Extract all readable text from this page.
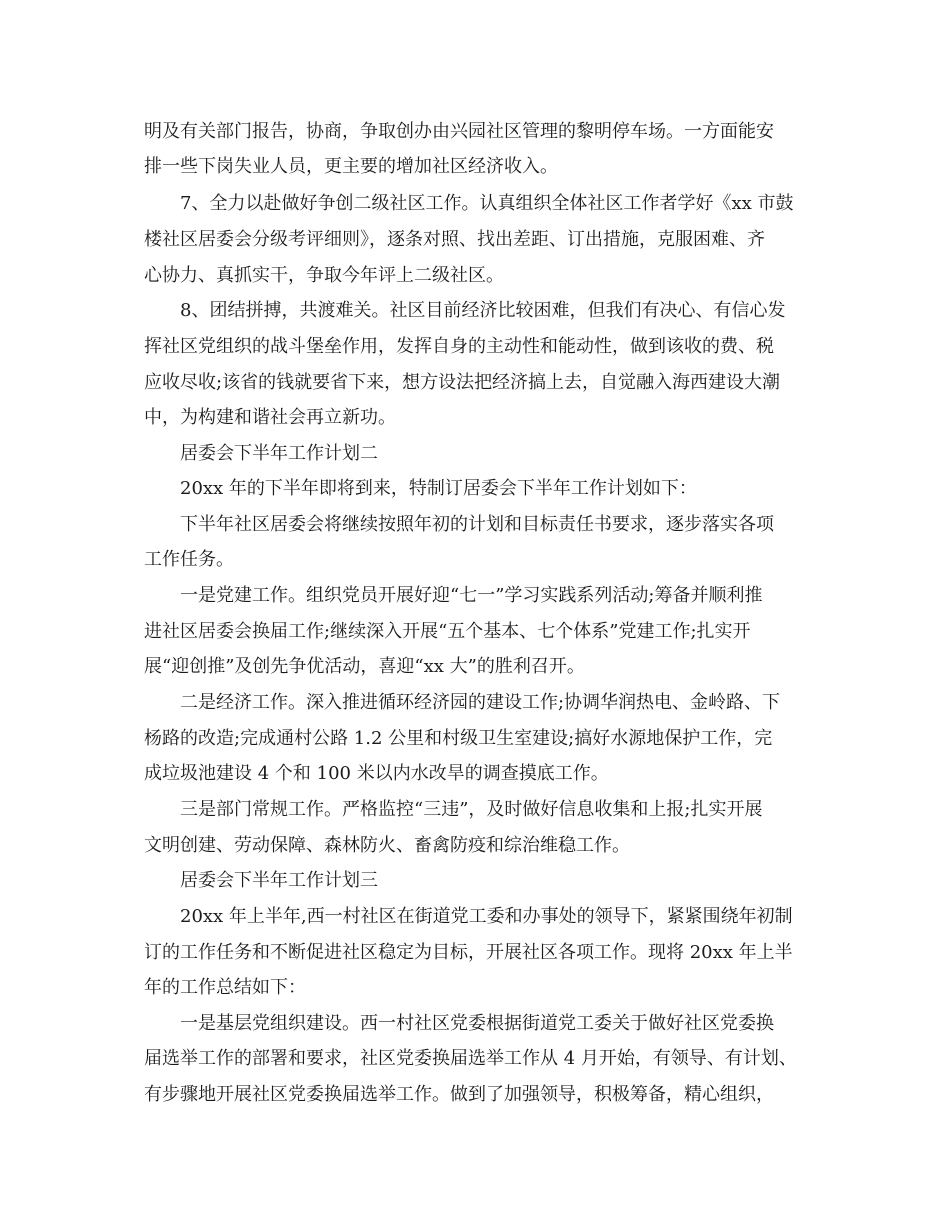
明及有关部门报告，协商，争取创办由兴园社区管理的黎明停车场。一方面能安

排一些下岗失业人员，更主要的增加社区经济收入。

7、全力以赴做好争创二级社区工作。认真组织全体社区工作者学好《xx 市鼓

楼社区居委会分级考评细则》，逐条对照、找出差距、订出措施，克服困难、齐

心协力、真抓实干，争取今年评上二级社区。

8、团结拼搏，共渡难关。社区目前经济比较困难，但我们有决心、有信心发

挥社区党组织的战斗堡垒作用，发挥自身的主动性和能动性，做到该收的费、税

应收尽收;该省的钱就要省下来，想方设法把经济搞上去，自觉融入海西建设大潮

中，为构建和谐社会再立新功。

居委会下半年工作计划二

20xx 年的下半年即将到来，特制订居委会下半年工作计划如下：

下半年社区居委会将继续按照年初的计划和目标责任书要求，逐步落实各项

工作任务。

一是党建工作。组织党员开展好迎“七一”学习实践系列活动;筹备并顺利推

进社区居委会换届工作;继续深入开展“五个基本、七个体系”党建工作;扎实开

展“迎创推”及创先争优活动，喜迎“xx 大”的胜利召开。

二是经济工作。深入推进循环经济园的建设工作;协调华润热电、金岭路、下

杨路的改造;完成通村公路 1.2 公里和村级卫生室建设;搞好水源地保护工作，完

成垃圾池建设 4 个和 100 米以内水改旱的调查摸底工作。

三是部门常规工作。严格监控“三违”，及时做好信息收集和上报;扎实开展

文明创建、劳动保障、森林防火、畜禽防疫和综治维稳工作。

居委会下半年工作计划三

20xx 年上半年,西一村社区在街道党工委和办事处的领导下，紧紧围绕年初制

订的工作任务和不断促进社区稳定为目标，开展社区各项工作。现将 20xx 年上半

年的工作总结如下：

一是基层党组织建设。西一村社区党委根据街道党工委关于做好社区党委换

届选举工作的部署和要求，社区党委换届选举工作从 4 月开始，有领导、有计划、

有步骤地开展社区党委换届选举工作。做到了加强领导，积极筹备，精心组织，
